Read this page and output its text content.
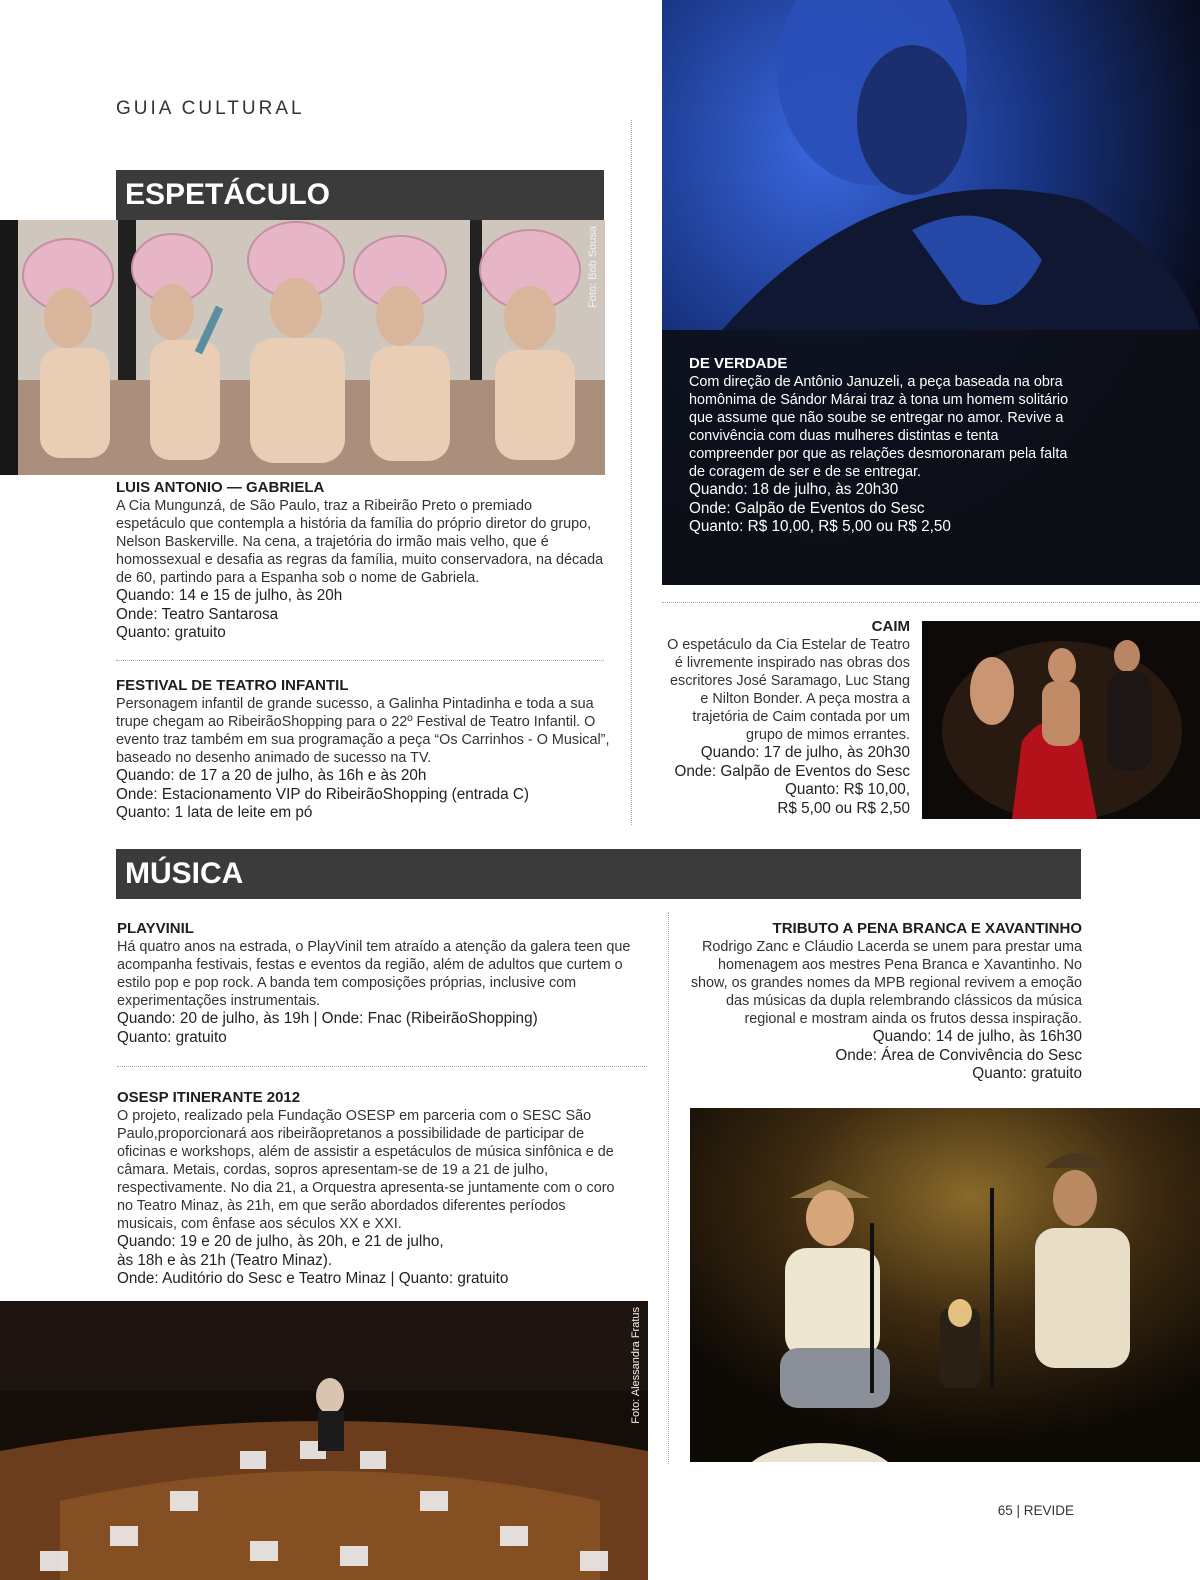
GUIA CULTURAL
ESPETÁCULO
Foto: Bob Sousa
LUIS ANTONIO — GABRIELA

A Cia Mungunzá, de São Paulo, traz a Ribeirão Preto o premiado espetáculo que contempla a história da família do próprio diretor do grupo, Nelson Baskerville. Na cena, a trajetória do irmão mais velho, que é homossexual e desafia as regras da família, muito conservadora, na década de 60, partindo para a Espanha sob o nome de Gabriela.

Quando: 14 e 15 de julho, às 20h
Onde: Teatro Santarosa
Quanto: gratuito
FESTIVAL DE TEATRO INFANTIL

Personagem infantil de grande sucesso, a Galinha Pintadinha e toda a sua trupe chegam ao RibeirãoShopping para o 22º Festival de Teatro Infantil. O evento traz também em sua programação a peça “Os Carrinhos - O Musical”, baseado no desenho animado de sucesso na TV.

Quando: de 17 a 20 de julho, às 16h e às 20h
Onde: Estacionamento VIP do RibeirãoShopping (entrada C)
Quanto: 1 lata de leite em pó
DE VERDADE

Com direção de Antônio Januzeli, a peça baseada na obra homônima de Sándor Márai traz à tona um homem solitário que assume que não soube se entregar no amor. Revive a convivência com duas mulheres distintas e tenta compreender por que as relações desmoronaram pela falta de coragem de ser e de se entregar.

Quando: 18 de julho, às 20h30
Onde: Galpão de Eventos do Sesc
Quanto: R$ 10,00, R$ 5,00 ou R$ 2,50
CAIM

O espetáculo da Cia Estelar de Teatro é livremente inspirado nas obras dos escritores José Saramago, Luc Stang e Nilton Bonder. A peça mostra a trajetória de Caim contada por um grupo de mimos errantes.

Quando: 17 de julho, às 20h30
Onde: Galpão de Eventos do Sesc
Quanto: R$ 10,00,
R$ 5,00 ou R$ 2,50
MÚSICA
PLAYVINIL

Há quatro anos na estrada, o PlayVinil tem atraído a atenção da galera teen que acompanha festivais, festas e eventos da região, além de adultos que curtem o estilo pop e pop rock. A banda tem composições próprias, inclusive com experimentações instrumentais.

Quando: 20 de julho, às 19h | Onde: Fnac (RibeirãoShopping)
Quanto: gratuito
OSESP ITINERANTE 2012

O projeto, realizado pela Fundação OSESP em parceria com o SESC São Paulo,proporcionará aos ribeirãopretanos a possibilidade de participar de oficinas e workshops, além de assistir a espetáculos de música sinfônica e de câmara. Metais, cordas, sopros apresentam-se de 19 a 21 de julho, respectivamente. No dia 21, a Orquestra apresenta-se juntamente com o coro no Teatro Minaz, às 21h, em que serão abordados diferentes períodos musicais, com ênfase aos séculos XX e XXI.

Quando: 19 e 20 de julho, às 20h, e 21 de julho,
às 18h e às 21h (Teatro Minaz).
Onde: Auditório do Sesc e Teatro Minaz | Quanto: gratuito
Foto: Alessandra Fratus
TRIBUTO A PENA BRANCA E XAVANTINHO

Rodrigo Zanc e Cláudio Lacerda se unem para prestar uma homenagem aos mestres Pena Branca e Xavantinho. No show, os grandes nomes da MPB regional revivem a emoção das músicas da dupla relembrando clássicos da música regional e mostram ainda os frutos dessa inspiração.

Quando: 14 de julho, às 16h30
Onde: Área de Convivência do Sesc
Quanto: gratuito
65 | REVIDE
